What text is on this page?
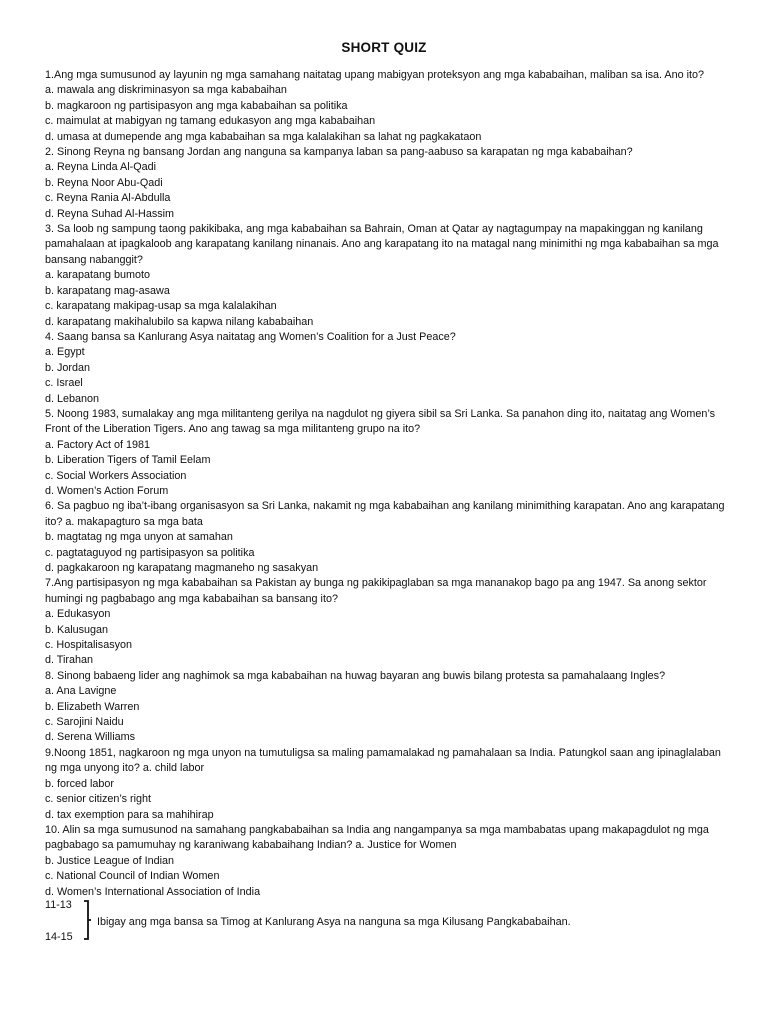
SHORT QUIZ
1.Ang mga sumusunod ay layunin ng mga samahang naitatag upang mabigyan proteksyon ang mga kababaihan, maliban sa isa. Ano ito?
a. mawala ang diskriminasyon sa mga kababaihan
b. magkaroon ng partisipasyon ang mga kababaihan sa politika
c. maimulat at mabigyan ng tamang edukasyon ang mga kababaihan
d. umasa at dumepende ang mga kababaihan sa mga kalalakihan sa lahat ng pagkakataon
2. Sinong Reyna ng bansang Jordan ang nanguna sa kampanya laban sa pang-aabuso sa karapatan ng mga kababaihan?
a. Reyna Linda Al-Qadi
b. Reyna Noor Abu-Qadi
c. Reyna Rania Al-Abdulla
d. Reyna Suhad Al-Hassim
3. Sa loob ng sampung taong pakikibaka, ang mga kababaihan sa Bahrain, Oman at Qatar ay nagtagumpay na mapakinggan ng kanilang pamahalaan at ipagkaloob ang karapatang kanilang ninanais. Ano ang karapatang ito na matagal nang minimithi ng mga kababaihan sa mga bansang nabanggit?
a. karapatang bumoto
b. karapatang mag-asawa
c. karapatang makipag-usap sa mga kalalakihan
d. karapatang makihalubilo sa kapwa nilang kababaihan
4. Saang bansa sa Kanlurang Asya naitatag ang Women’s Coalition for a Just Peace?
a. Egypt
b. Jordan
c. Israel
d. Lebanon
5. Noong 1983, sumalakay ang mga militanteng gerilya na nagdulot ng giyera sibil sa Sri Lanka. Sa panahon ding ito, naitatag ang Women’s Front of the Liberation Tigers. Ano ang tawag sa mga militanteng grupo na ito?
a. Factory Act of 1981
b. Liberation Tigers of Tamil Eelam
c. Social Workers Association
d. Women’s Action Forum
6. Sa pagbuo ng iba’t-ibang organisasyon sa Sri Lanka, nakamit ng mga kababaihan ang kanilang minimithing karapatan. Ano ang karapatang ito? a. makapagturo sa mga bata
b. magtatag ng mga unyon at samahan
c. pagtataguyod ng partisipasyon sa politika
d. pagkakaroon ng karapatang magmaneho ng sasakyan
7.Ang partisipasyon ng mga kababaihan sa Pakistan ay bunga ng pakikipaglaban sa mga mananakop bago pa ang 1947. Sa anong sektor humingi ng pagbabago ang mga kababaihan sa bansang ito?
a. Edukasyon
b. Kalusugan
c. Hospitalisasyon
d. Tirahan
8. Sinong babaeng lider ang naghimok sa mga kababaihan na huwag bayaran ang buwis bilang protesta sa pamahalaang Ingles?
a. Ana Lavigne
b. Elizabeth Warren
c. Sarojini Naidu
d. Serena Williams
9.Noong 1851, nagkaroon ng mga unyon na tumutuligsa sa maling pamamalakad ng pamahalaan sa India. Patungkol saan ang ipinaglalaban ng mga unyong ito? a. child labor
b. forced labor
c. senior citizen’s right
d. tax exemption para sa mahihirap
10. Alin sa mga sumusunod na samahang pangkababaihan sa India ang nangampanya sa mga mambabatas upang makapagdulot ng mga pagbabago sa pamumuhay ng karaniwang kababaihang Indian? a. Justice for Women
b. Justice League of Indian
c. National Council of Indian Women
d. Women’s International Association of India
11-13
14-15
Ibigay ang mga bansa sa Timog at Kanlurang Asya na nanguna sa mga Kilusang Pangkababaihan.
